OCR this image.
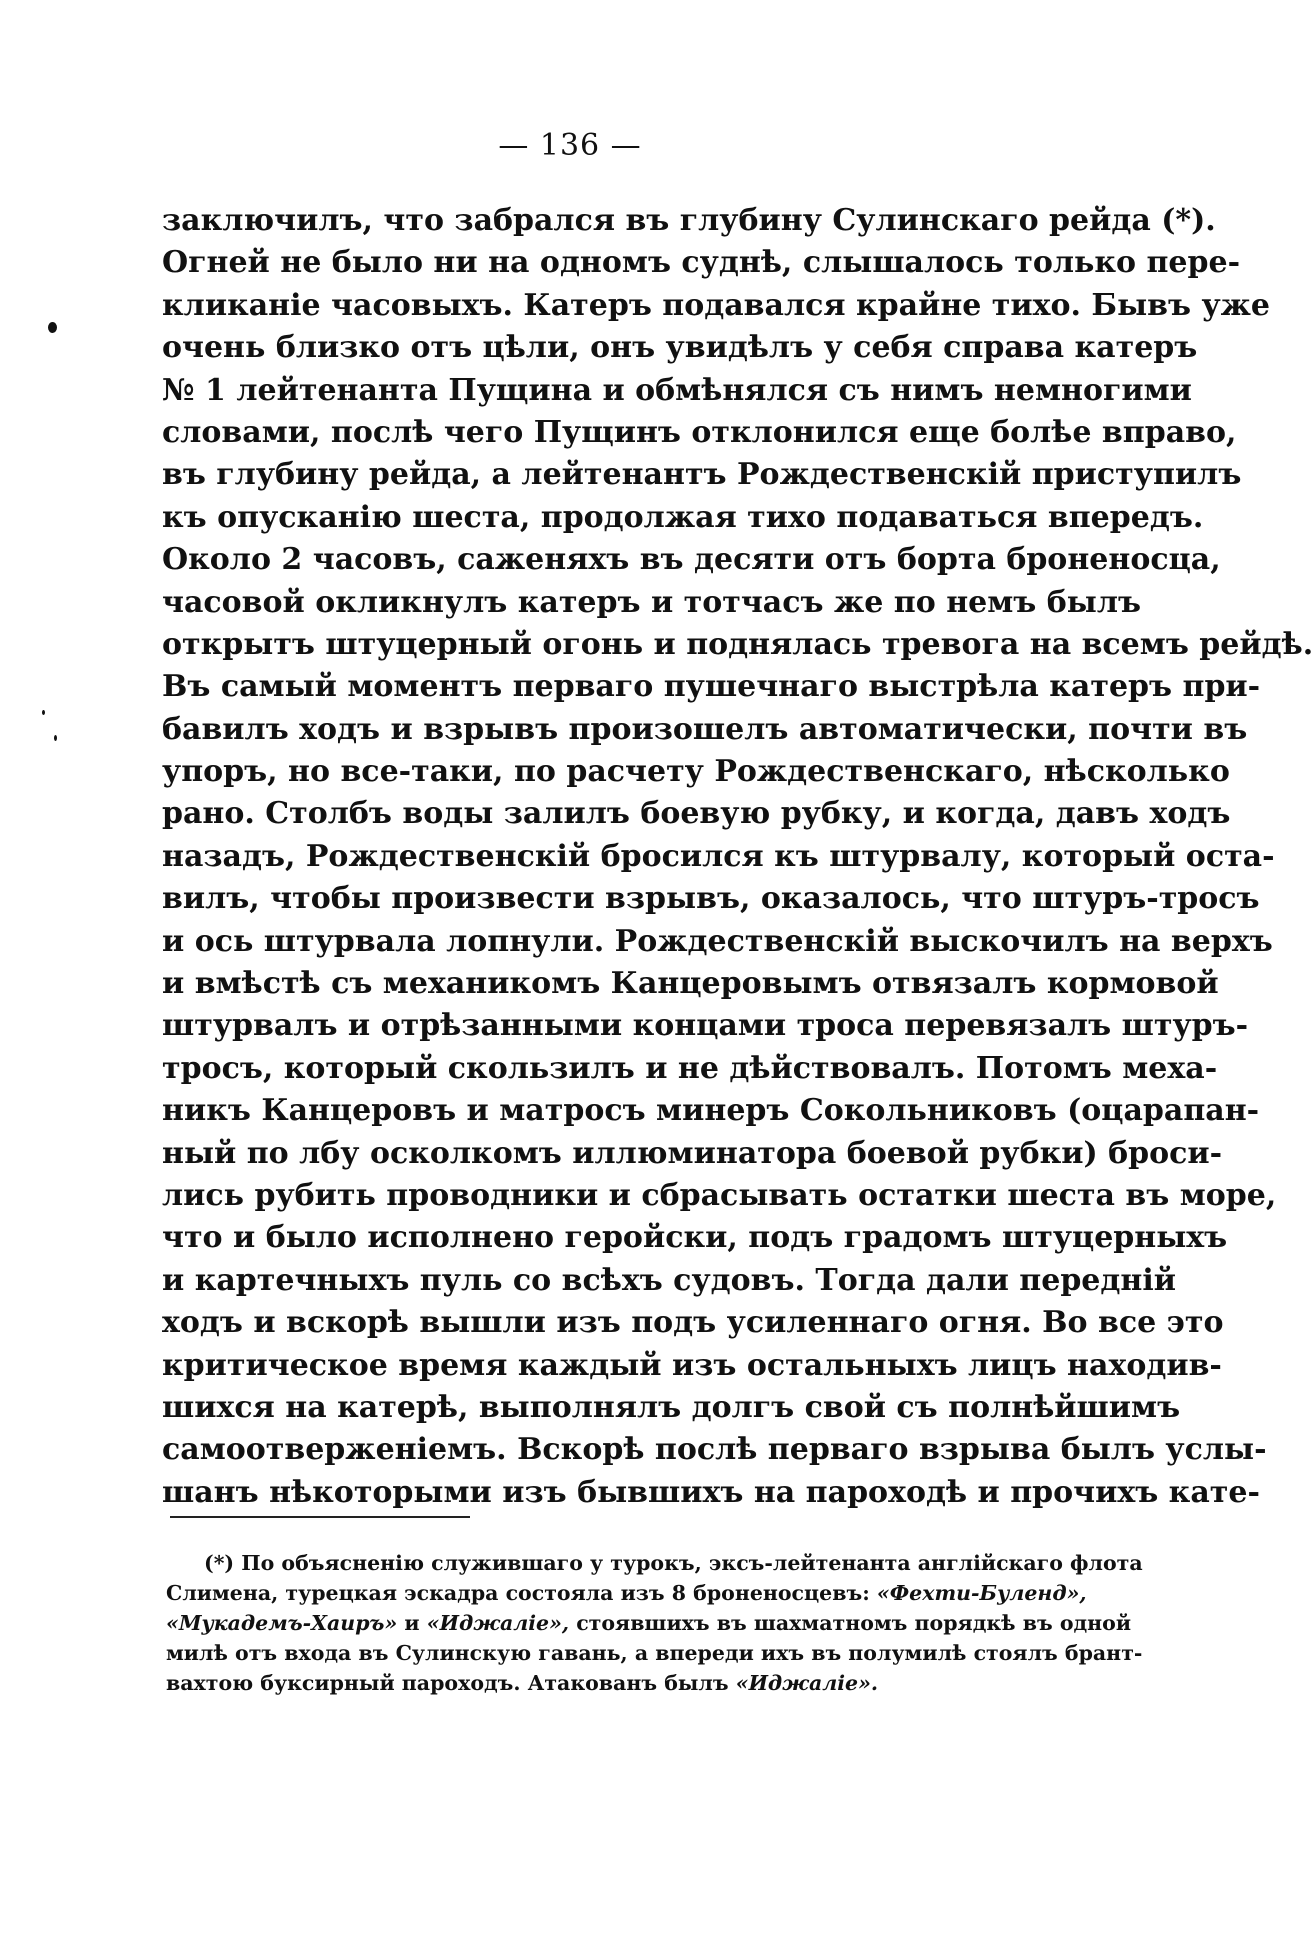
— 136 —
заключилъ, что забрался въ глубину Сулинскаго рейда (*).
Огней не было ни на одномъ суднѣ, слышалось только пере-
кликаніе часовыхъ. Катеръ подавался крайне тихо. Бывъ уже
очень близко отъ цѣли, онъ увидѣлъ у себя справа катеръ
№ 1 лейтенанта Пущина и обмѣнялся съ нимъ немногими
словами, послѣ чего Пущинъ отклонился еще болѣе вправо,
въ глубину рейда, а лейтенантъ Рождественскій приступилъ
къ опусканію шеста, продолжая тихо подаваться впередъ.
Около 2 часовъ, саженяхъ въ десяти отъ борта броненосца,
часовой окликнулъ катеръ и тотчасъ же по немъ былъ
открытъ штуцерный огонь и поднялась тревога на всемъ рейдѣ.
Въ самый моментъ перваго пушечнаго выстрѣла катеръ при-
бавилъ ходъ и взрывъ произошелъ автоматически, почти въ
упоръ, но все-таки, по расчету Рождественскаго, нѣсколько
рано. Столбъ воды залилъ боевую рубку, и когда, давъ ходъ
назадъ, Рождественскій бросился къ штурвалу, который оста-
вилъ, чтобы произвести взрывъ, оказалось, что штуръ-тросъ
и ось штурвала лопнули. Рождественскій выскочилъ на верхъ
и вмѣстѣ съ механикомъ Канцеровымъ отвязалъ кормовой
штурвалъ и отрѣзанными концами троса перевязалъ штуръ-
тросъ, который скользилъ и не дѣйствовалъ. Потомъ меха-
никъ Канцеровъ и матросъ минеръ Сокольниковъ (оцарапан-
ный по лбу осколкомъ иллюминатора боевой рубки) броси-
лись рубить проводники и сбрасывать остатки шеста въ море,
что и было исполнено геройски, подъ градомъ штуцерныхъ
и картечныхъ пуль со всѣхъ судовъ. Тогда дали передній
ходъ и вскорѣ вышли изъ подъ усиленнаго огня. Во все это
критическое время каждый изъ остальныхъ лицъ находив-
шихся на катерѣ, выполнялъ долгъ свой съ полнѣйшимъ
самоотверженіемъ. Вскорѣ послѣ перваго взрыва былъ услы-
шанъ нѣкоторыми изъ бывшихъ на пароходѣ и прочихъ кате-
(*) По объясненію служившаго у турокъ, эксъ-лейтенанта англійскаго флота
Слимена, турецкая эскадра состояла изъ 8 броненосцевъ: «Фехти-Буленд»,
«Мукадемъ-Хаиръ» и «Иджаліе», стоявшихъ въ шахматномъ порядкѣ въ одной
милѣ отъ входа въ Сулинскую гавань, а впереди ихъ въ полумилѣ стоялъ брант-
вахтою буксирный пароходъ. Атакованъ былъ «Иджаліе».
